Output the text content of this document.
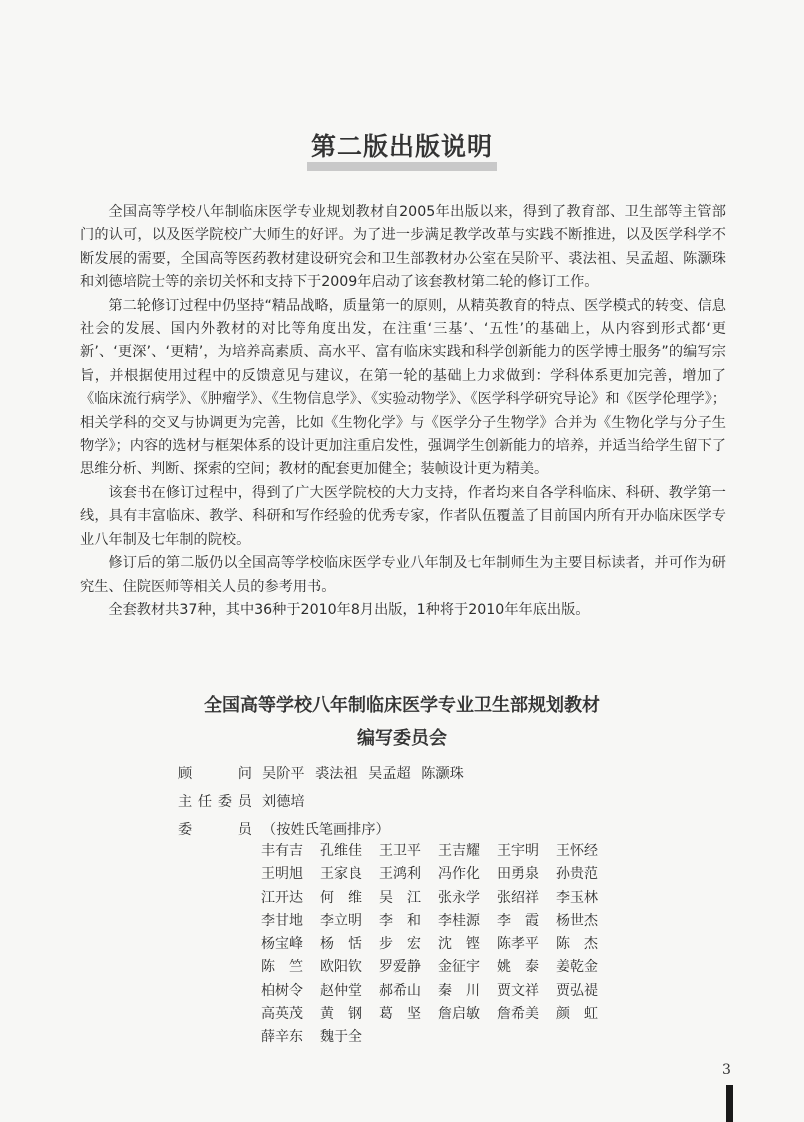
第二版出版说明

全国高等学校八年制临床医学专业规划教材自2005年出版以来，得到了教育部、卫生部等主管部门的认可，以及医学院校广大师生的好评。为了进一步满足教学改革与实践不断推进，以及医学科学不断发展的需要，全国高等医药教材建设研究会和卫生部教材办公室在吴阶平、裘法祖、吴孟超、陈灏珠和刘德培院士等的亲切关怀和支持下于2009年启动了该套教材第二轮的修订工作。

第二轮修订过程中仍坚持“精品战略，质量第一的原则，从精英教育的特点、医学模式的转变、信息社会的发展、国内外教材的对比等角度出发，在注重‘三基’、‘五性’的基础上，从内容到形式都‘更新’、‘更深’、‘更精’，为培养高素质、高水平、富有临床实践和科学创新能力的医学博士服务”的编写宗旨，并根据使用过程中的反馈意见与建议，在第一轮的基础上力求做到：学科体系更加完善，增加了《临床流行病学》、《肿瘤学》、《生物信息学》、《实验动物学》、《医学科学研究导论》和《医学伦理学》；相关学科的交叉与协调更为完善，比如《生物化学》与《医学分子生物学》合并为《生物化学与分子生物学》；内容的选材与框架体系的设计更加注重启发性，强调学生创新能力的培养，并适当给学生留下了思维分析、判断、探索的空间；教材的配套更加健全；装帧设计更为精美。

该套书在修订过程中，得到了广大医学院校的大力支持，作者均来自各学科临床、科研、教学第一线，具有丰富临床、教学、科研和写作经验的优秀专家，作者队伍覆盖了目前国内所有开办临床医学专业八年制及七年制的院校。

修订后的第二版仍以全国高等学校临床医学专业八年制及七年制师生为主要目标读者，并可作为研究生、住院医师等相关人员的参考用书。

全套教材共37种，其中36种于2010年8月出版，1种将于2010年年底出版。

全国高等学校八年制临床医学专业卫生部规划教材
编写委员会
顾问 吴阶平 裘法祖 吴孟超 陈灏珠
主任委员 刘德培
委员 （按姓氏笔画排序）
丰有吉	孔维佳	王卫平	王吉耀	王宇明	王怀经
王明旭	王家良	王鸿利	冯作化	田勇泉	孙贵范
江开达	何　维	吴　江	张永学	张绍祥	李玉林
李甘地	李立明	李　和	李桂源	李　霞	杨世杰
杨宝峰	杨　恬	步　宏	沈　铿	陈孝平	陈　杰
陈　竺	欧阳钦	罗爱静	金征宇	姚　泰	姜乾金
柏树令	赵仲堂	郝希山	秦　川	贾文祥	贾弘禔
高英茂	黄　钢	葛　坚	詹启敏	詹希美	颜　虹
薛辛东	魏于全
3
